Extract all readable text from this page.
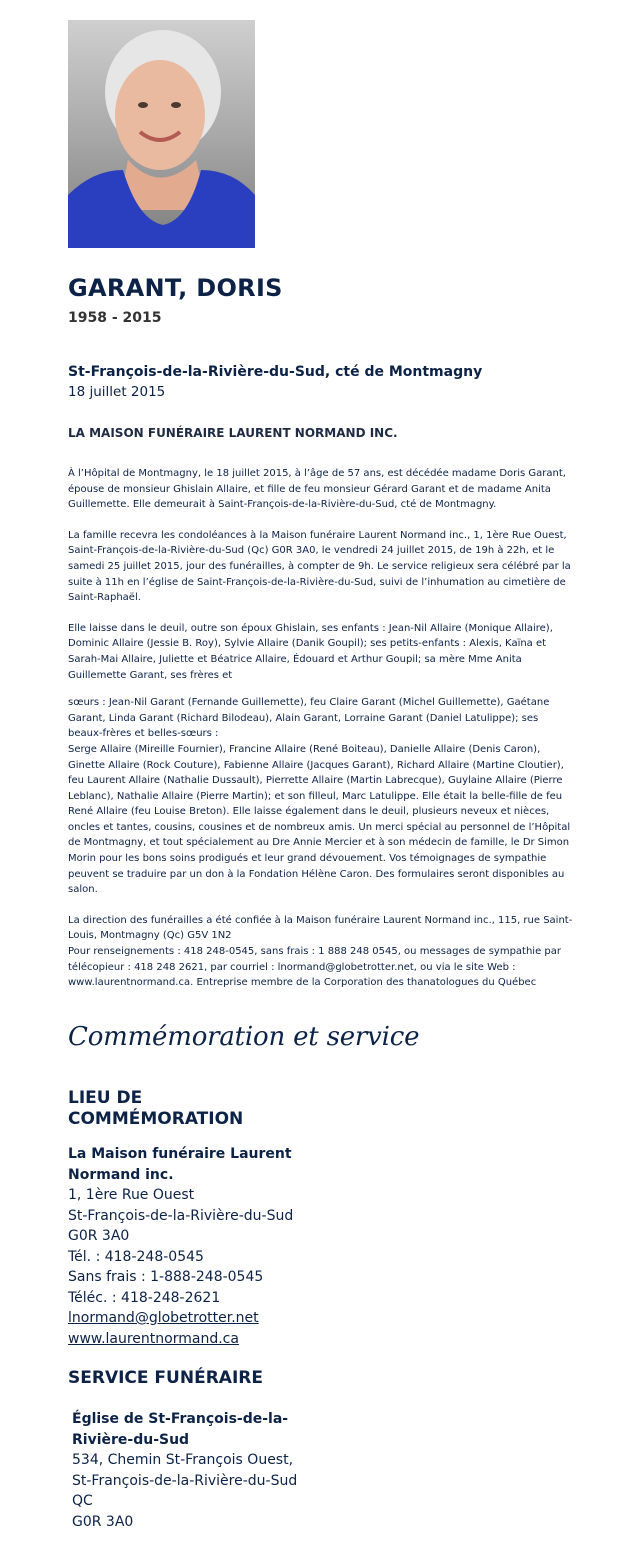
GARANT, DORIS
1958 - 2015
St-François-de-la-Rivière-du-Sud, cté de Montmagny
18 juillet 2015
LA MAISON FUNÉRAIRE LAURENT NORMAND INC.

À l’Hôpital de Montmagny, le 18 juillet 2015, à l’âge de 57 ans, est décédée madame Doris Garant, épouse de monsieur Ghislain Allaire, et fille de feu monsieur Gérard Garant et de madame Anita Guillemette. Elle demeurait à Saint-François-de-la-Rivière-du-Sud, cté de Montmagny.

La famille recevra les condoléances à la Maison funéraire Laurent Normand inc., 1, 1ère Rue Ouest, Saint-François-de-la-Rivière-du-Sud (Qc) G0R 3A0, le vendredi 24 juillet 2015, de 19h à 22h, et le samedi 25 juillet 2015, jour des funérailles, à compter de 9h. Le service religieux sera célébré par la suite à 11h en l’église de Saint-François-de-la-Rivière-du-Sud, suivi de l’inhumation au cimetière de Saint-Raphaël.

Elle laisse dans le deuil, outre son époux Ghislain, ses enfants : Jean-Nil Allaire (Monique Allaire), Dominic Allaire (Jessie B. Roy), Sylvie Allaire (Danik Goupil); ses petits-enfants : Alexis, Kaïna et Sarah-Mai Allaire, Juliette et Béatrice Allaire, Édouard et Arthur Goupil; sa mère Mme Anita Guillemette Garant, ses frères et

sœurs : Jean-Nil Garant (Fernande Guillemette), feu Claire Garant (Michel Guillemette), Gaétane Garant, Linda Garant (Richard Bilodeau), Alain Garant, Lorraine Garant (Daniel Latulippe); ses beaux-frères et belles-sœurs :
Serge Allaire (Mireille Fournier), Francine Allaire (René Boiteau), Danielle Allaire (Denis Caron), Ginette Allaire (Rock Couture), Fabienne Allaire (Jacques Garant), Richard Allaire (Martine Cloutier),
feu Laurent Allaire (Nathalie Dussault), Pierrette Allaire (Martin Labrecque), Guylaine Allaire (Pierre Leblanc), Nathalie Allaire (Pierre Martin); et son filleul, Marc Latulippe. Elle était la belle-fille de feu René Allaire (feu Louise Breton). Elle laisse également dans le deuil, plusieurs neveux et nièces, oncles et tantes, cousins, cousines et de nombreux amis. Un merci spécial au personnel de l’Hôpital de Montmagny, et tout spécialement au Dre Annie Mercier et à son médecin de famille, le Dr Simon Morin pour les bons soins prodigués et leur grand dévouement. Vos témoignages de sympathie peuvent se traduire par un don à la Fondation Hélène Caron. Des formulaires seront disponibles au salon.

La direction des funérailles a été confiée à la Maison funéraire Laurent Normand inc., 115, rue Saint-Louis, Montmagny (Qc) G5V 1N2
Pour renseignements : 418 248-0545, sans frais : 1 888 248 0545, ou messages de sympathie par télécopieur : 418 248 2621, par courriel : lnormand@globetrotter.net, ou via le site Web : www.laurentnormand.ca. Entreprise membre de la Corporation des thanatologues du Québec

Commémoration et service
LIEU DE
COMMÉMORATION
La Maison funéraire Laurent
Normand inc.
1, 1ère Rue Ouest
St-François-de-la-Rivière-du-Sud
G0R 3A0
Tél. : 418-248-0545
Sans frais : 1-888-248-0545
Téléc. : 418-248-2621
lnormand@globetrotter.net
www.laurentnormand.ca
SERVICE FUNÉRAIRE
Église de St-François-de-la-
Rivière-du-Sud
534, Chemin St-François Ouest,
St-François-de-la-Rivière-du-Sud
QC
G0R 3A0
